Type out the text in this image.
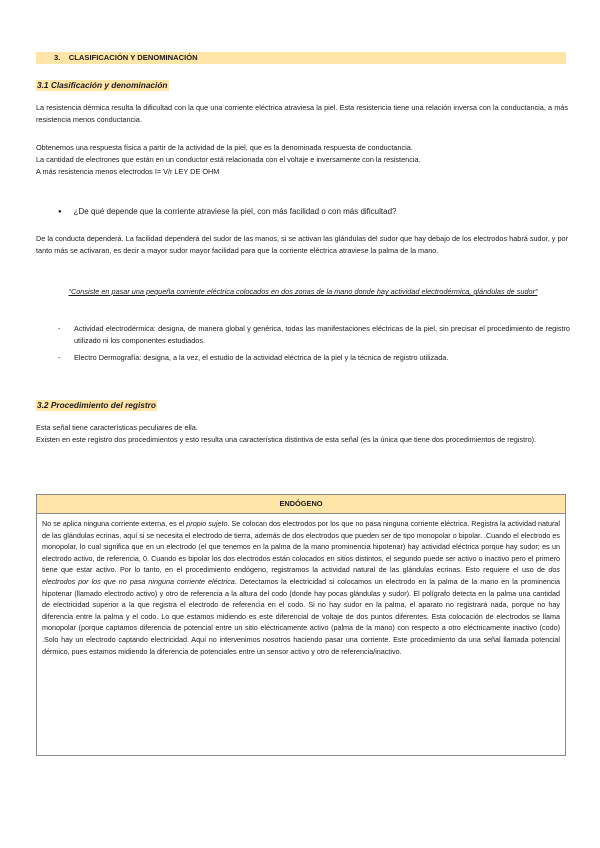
3. CLASIFICACIÓN Y DENOMINACIÓN
3.1 Clasificación y denominación

La resistencia dérmica resulta la dificultad con la que una corriente eléctrica atraviesa la piel. Esta resistencia tiene una relación inversa con la conductancia, a más resistencia menos conductancia.

Obtenemos una respuesta física a partir de la actividad de la piel, que es la denominada respuesta de conductancia.

La cantidad de electrones que están en un conductor está relacionada con el voltaje e inversamente con la resistencia.

A más resistencia menos electrodos I= V/r LEY DE OHM

● ¿De qué depende que la corriente atraviese la piel, con más facilidad o con más dificultad?

De la conducta dependerá. La facilidad dependerá del sudor de las manos, si se activan las glándulas del sudor que hay debajo de los electrodos habrá sudor, y por tanto más se activaran, es decir a mayor sudor mayor facilidad para que la corriente eléctrica atraviese la palma de la mano.

“Consiste en pasar una pequeña corriente eléctrica colocados en dos zonas de la mano donde hay actividad electrodérmica, glándulas de sudor”

- Actividad electrodérmica: designa, de manera global y genérica, todas las manifestaciones eléctricas de la piel, sin precisar el procedimiento de registro utilizado ni los componentes estudiados.

- Electro Dermografía: designa, a la vez, el estudio de la actividad eléctrica de la piel y la técnica de registro utilizada.

3.2 Procedimiento del registro

Esta señal tiene características peculiares de ella.

Existen en este registro dos procedimientos y esto resulta una característica distintiva de esta señal (es la única que tiene dos procedimientos de registro).

ENDÓGENO

No se aplica ninguna corriente externa, es el propio sujeto. Se colocan dos electrodos por los que no pasa ninguna corriente eléctrica. Registra la actividad natural de las glándulas ecrinas, aquí si se necesita el electrodo de tierra, además de dos electrodos que pueden ser de tipo monopolar o bipolar. .Cuando el electrodo es monopolar, lo cual significa que en un electrodo (el que tenemos en la palma de la mano prominencia hipotenar) hay actividad eléctrica porque hay sudor; es un electrodo activo, de referencia, 0. Cuando es bipolar los dos electrodos están colocados en sitios distintos, el segundo puede ser activo o inactivo pero el primero tiene que estar activo. Por lo tanto, en el procedimiento endógeno, registramos la actividad natural de las glándulas ecrinas. Esto requiere el uso de dos electrodos por los que no pasa ninguna corriente eléctrica. Detectamos la electricidad si colocamos un electrodo en la palma de la mano en la prominencia hipotenar (llamado electrodo activo) y otro de referencia a la altura del codo (donde hay pocas glándulas y sudor). El polígrafo detecta en la palma una cantidad de electricidad superior a la que registra el electrodo de referencia en el codo. Si no hay sudor en la palma, el aparato no registrará nada, porque no hay diferencia entre la palma y el codo. Lo que estamos midiendo es este diferencial de voltaje de dos puntos diferentes. Esta colocación de electrodos se llama monopolar (porque captamos diferencia de potencial entre un sitio eléctricamente activo (palma de la mano) con respecto a otro eléctricamente inactivo (codo) .Solo hay un electrodo captando electricidad. Aquí no intervenimos nosotros haciendo pasar una corriente. Este procedimiento da una señal llamada potencial dérmico, pues estamos midiendo la diferencia de potenciales entre un sensor activo y otro de referencia/inactivo.
